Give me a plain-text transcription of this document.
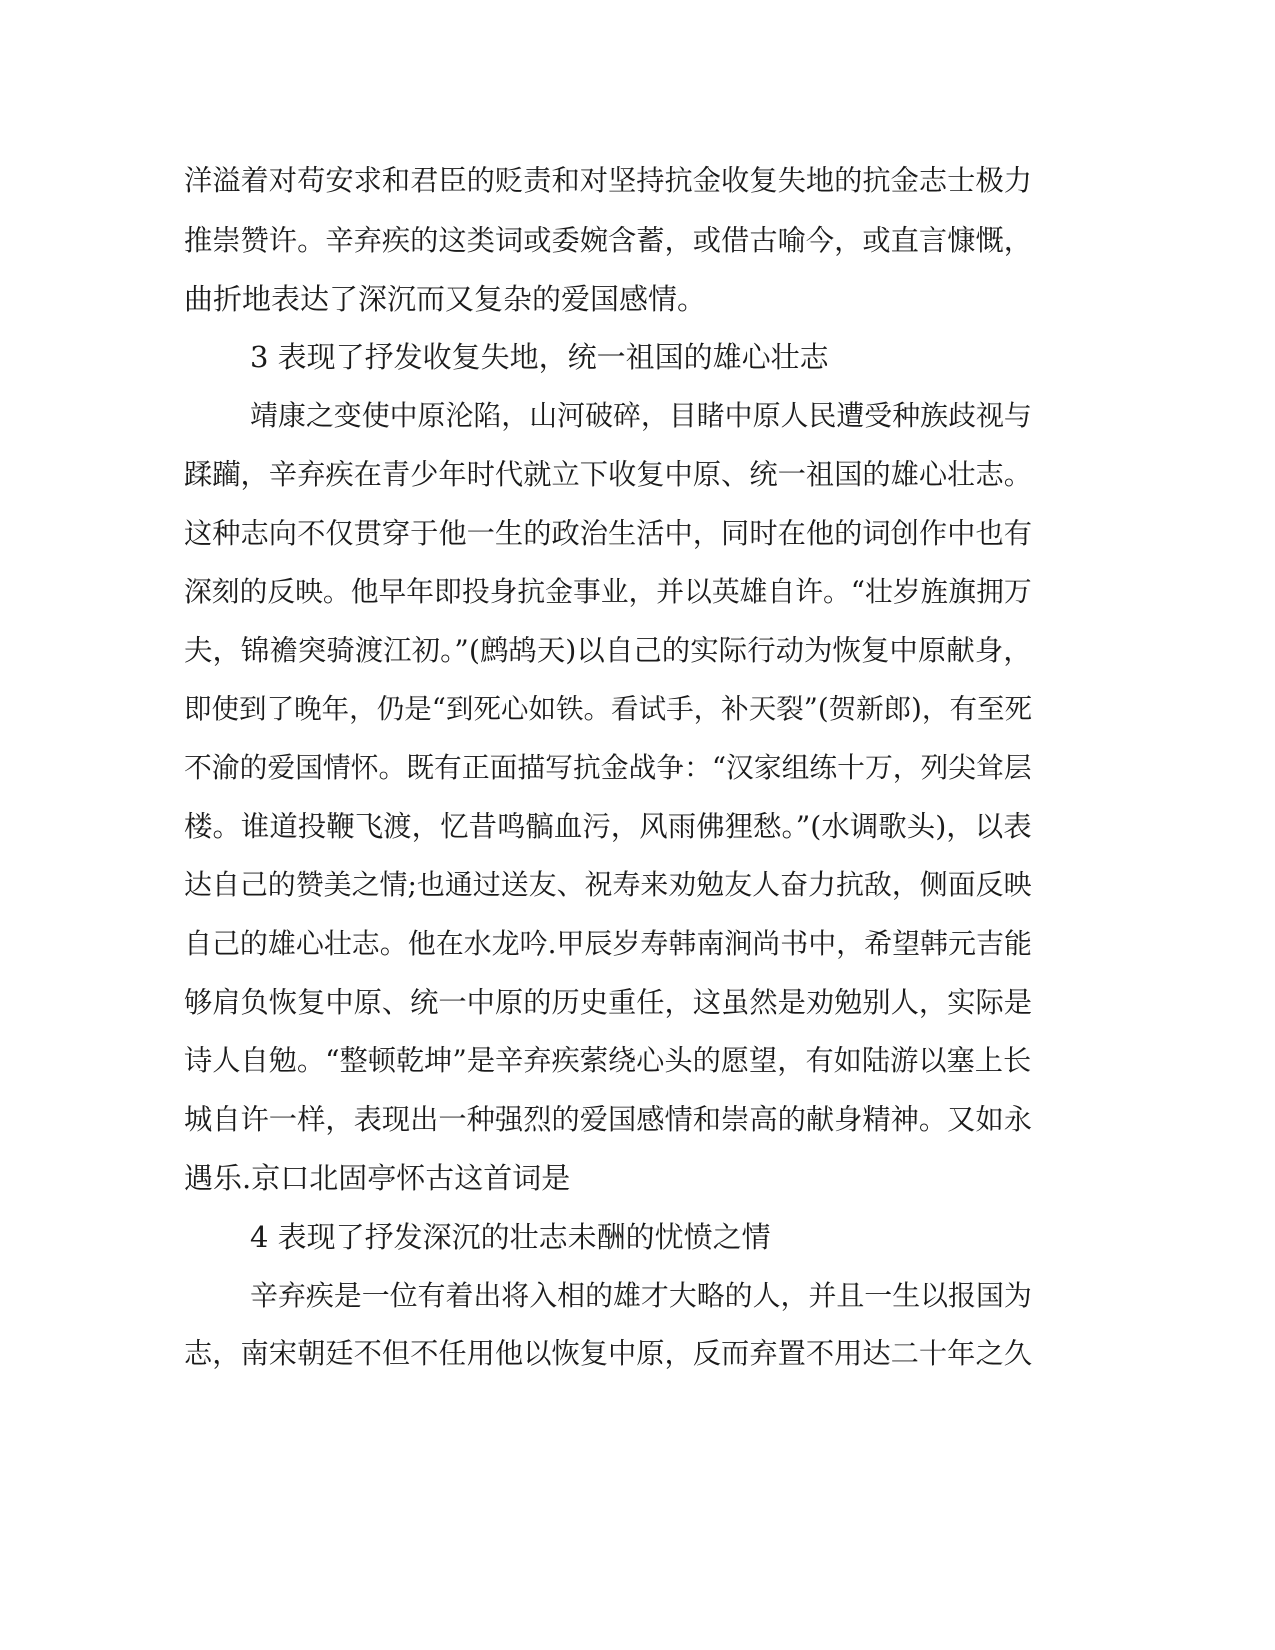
洋溢着对苟安求和君臣的贬责和对坚持抗金收复失地的抗金志士极力

推崇赞许。辛弃疾的这类词或委婉含蓄，或借古喻今，或直言慷慨，

曲折地表达了深沉而又复杂的爱国感情。

3 表现了抒发收复失地，统一祖国的雄心壮志

靖康之变使中原沦陷，山河破碎，目睹中原人民遭受种族歧视与

蹂躏，辛弃疾在青少年时代就立下收复中原、统一祖国的雄心壮志。

这种志向不仅贯穿于他一生的政治生活中，同时在他的词创作中也有

深刻的反映。他早年即投身抗金事业，并以英雄自许。“壮岁旌旗拥万

夫，锦襜突骑渡江初。”(鹧鸪天)以自己的实际行动为恢复中原献身，

即使到了晚年，仍是“到死心如铁。看试手，补天裂”(贺新郎)，有至死

不渝的爱国情怀。既有正面描写抗金战争：“汉家组练十万，列尖耸层

楼。谁道投鞭飞渡，忆昔鸣髇血污，风雨佛狸愁。”(水调歌头)，以表

达自己的赞美之情;也通过送友、祝寿来劝勉友人奋力抗敌，侧面反映

自己的雄心壮志。他在水龙吟.甲辰岁寿韩南涧尚书中，希望韩元吉能

够肩负恢复中原、统一中原的历史重任，这虽然是劝勉别人，实际是

诗人自勉。“整顿乾坤”是辛弃疾萦绕心头的愿望，有如陆游以塞上长

城自许一样，表现出一种强烈的爱国感情和崇高的献身精神。又如永

遇乐.京口北固亭怀古这首词是

4 表现了抒发深沉的壮志未酬的忧愤之情

辛弃疾是一位有着出将入相的雄才大略的人，并且一生以报国为

志，南宋朝廷不但不任用他以恢复中原，反而弃置不用达二十年之久
